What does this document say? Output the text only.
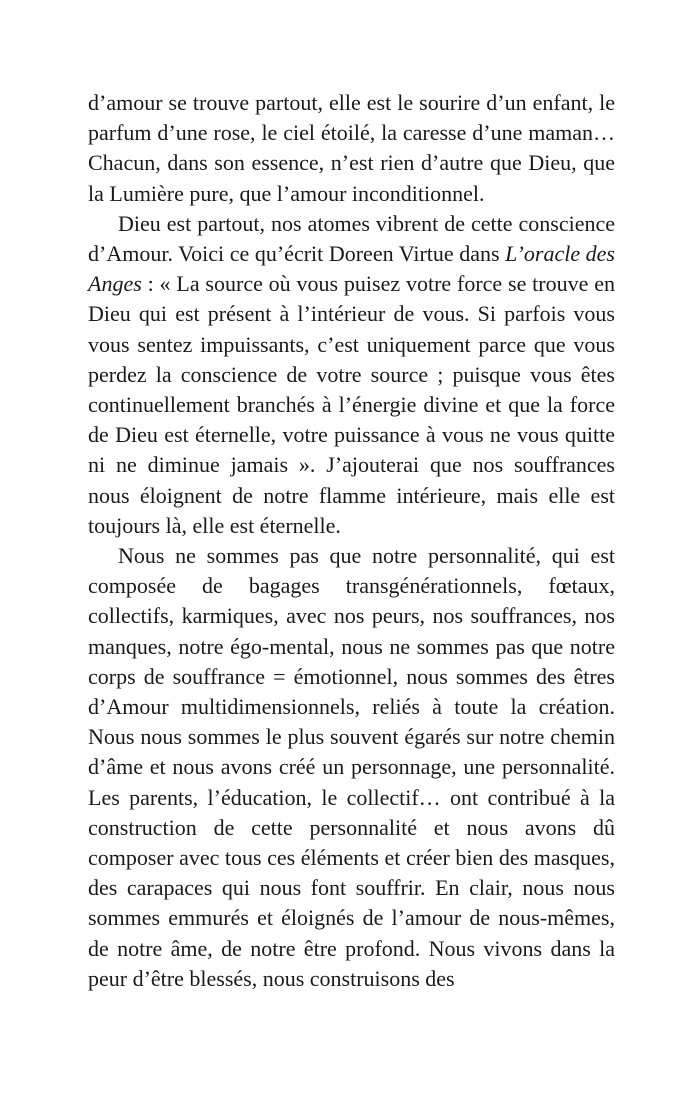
d’amour se trouve partout, elle est le sourire d’un enfant, le parfum d’une rose, le ciel étoilé, la caresse d’une maman… Chacun, dans son essence, n’est rien d’autre que Dieu, que la Lumière pure, que l’amour inconditionnel.

Dieu est partout, nos atomes vibrent de cette conscience d’Amour. Voici ce qu’écrit Doreen Virtue dans L’oracle des Anges : « La source où vous puisez votre force se trouve en Dieu qui est présent à l’intérieur de vous. Si parfois vous vous sentez impuissants, c’est uniquement parce que vous perdez la conscience de votre source ; puisque vous êtes continuellement branchés à l’énergie divine et que la force de Dieu est éternelle, votre puissance à vous ne vous quitte ni ne diminue jamais ». J’ajouterai que nos souffrances nous éloignent de notre flamme intérieure, mais elle est toujours là, elle est éternelle.

Nous ne sommes pas que notre personnalité, qui est composée de bagages transgénérationnels, fœtaux, collectifs, karmiques, avec nos peurs, nos souffrances, nos manques, notre égo-mental, nous ne sommes pas que notre corps de souffrance = émotionnel, nous sommes des êtres d’Amour multidimensionnels, reliés à toute la création. Nous nous sommes le plus souvent égarés sur notre chemin d’âme et nous avons créé un personnage, une personnalité. Les parents, l’éducation, le collectif… ont contribué à la construction de cette personnalité et nous avons dû composer avec tous ces éléments et créer bien des masques, des carapaces qui nous font souffrir. En clair, nous nous sommes emmurés et éloignés de l’amour de nous-mêmes, de notre âme, de notre être profond. Nous vivons dans la peur d’être blessés, nous construisons des
